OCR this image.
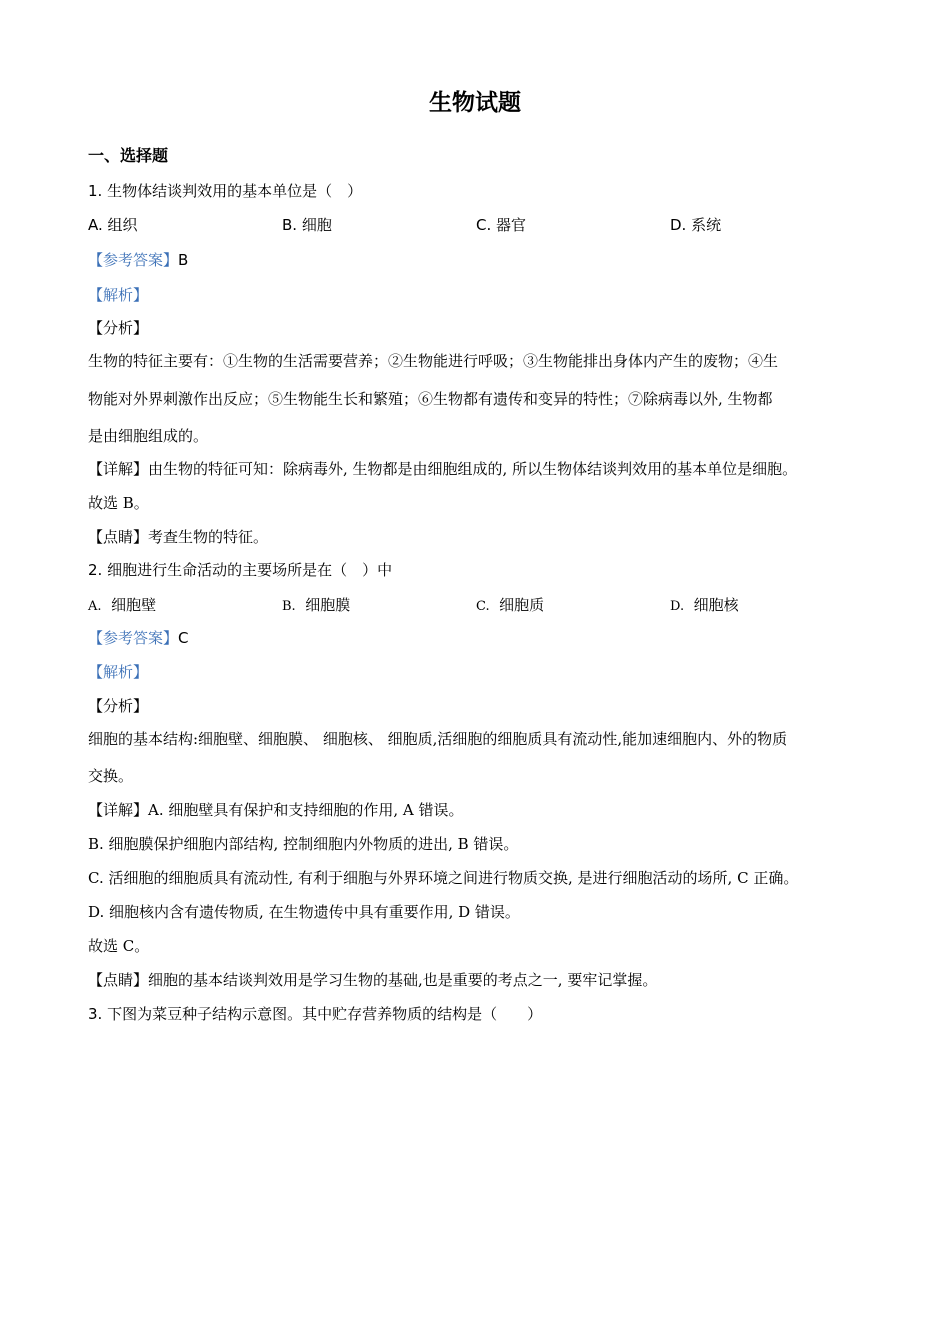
生物试题
一、选择题
1. 生物体结谈判效用的基本单位是（　）
A. 组织	B. 细胞	C. 器官	D. 系统
【参考答案】B
【解析】
【分析】
生物的特征主要有：①生物的生活需要营养；②生物能进行呼吸；③生物能排出身体内产生的废物；④生
物能对外界刺激作出反应；⑤生物能生长和繁殖；⑥生物都有遗传和变异的特性；⑦除病毒以外, 生物都
是由细胞组成的。
【详解】由生物的特征可知：除病毒外, 生物都是由细胞组成的, 所以生物体结谈判效用的基本单位是细胞。
故选 B。
【点睛】考查生物的特征。
2. 细胞进行生命活动的主要场所是在（　）中
A. 细胞壁	B. 细胞膜	C. 细胞质	D. 细胞核
【参考答案】C
【解析】
【分析】
细胞的基本结构:细胞壁、细胞膜、 细胞核、 细胞质,活细胞的细胞质具有流动性,能加速细胞内、外的物质
交换。
【详解】A. 细胞壁具有保护和支持细胞的作用, A 错误。
B. 细胞膜保护细胞内部结构, 控制细胞内外物质的进出, B 错误。
C. 活细胞的细胞质具有流动性, 有利于细胞与外界环境之间进行物质交换, 是进行细胞活动的场所, C 正确。
D. 细胞核内含有遗传物质, 在生物遗传中具有重要作用, D 错误。
故选 C。
【点睛】细胞的基本结谈判效用是学习生物的基础,也是重要的考点之一, 要牢记掌握。
3. 下图为菜豆种子结构示意图。其中贮存营养物质的结构是（　　）
